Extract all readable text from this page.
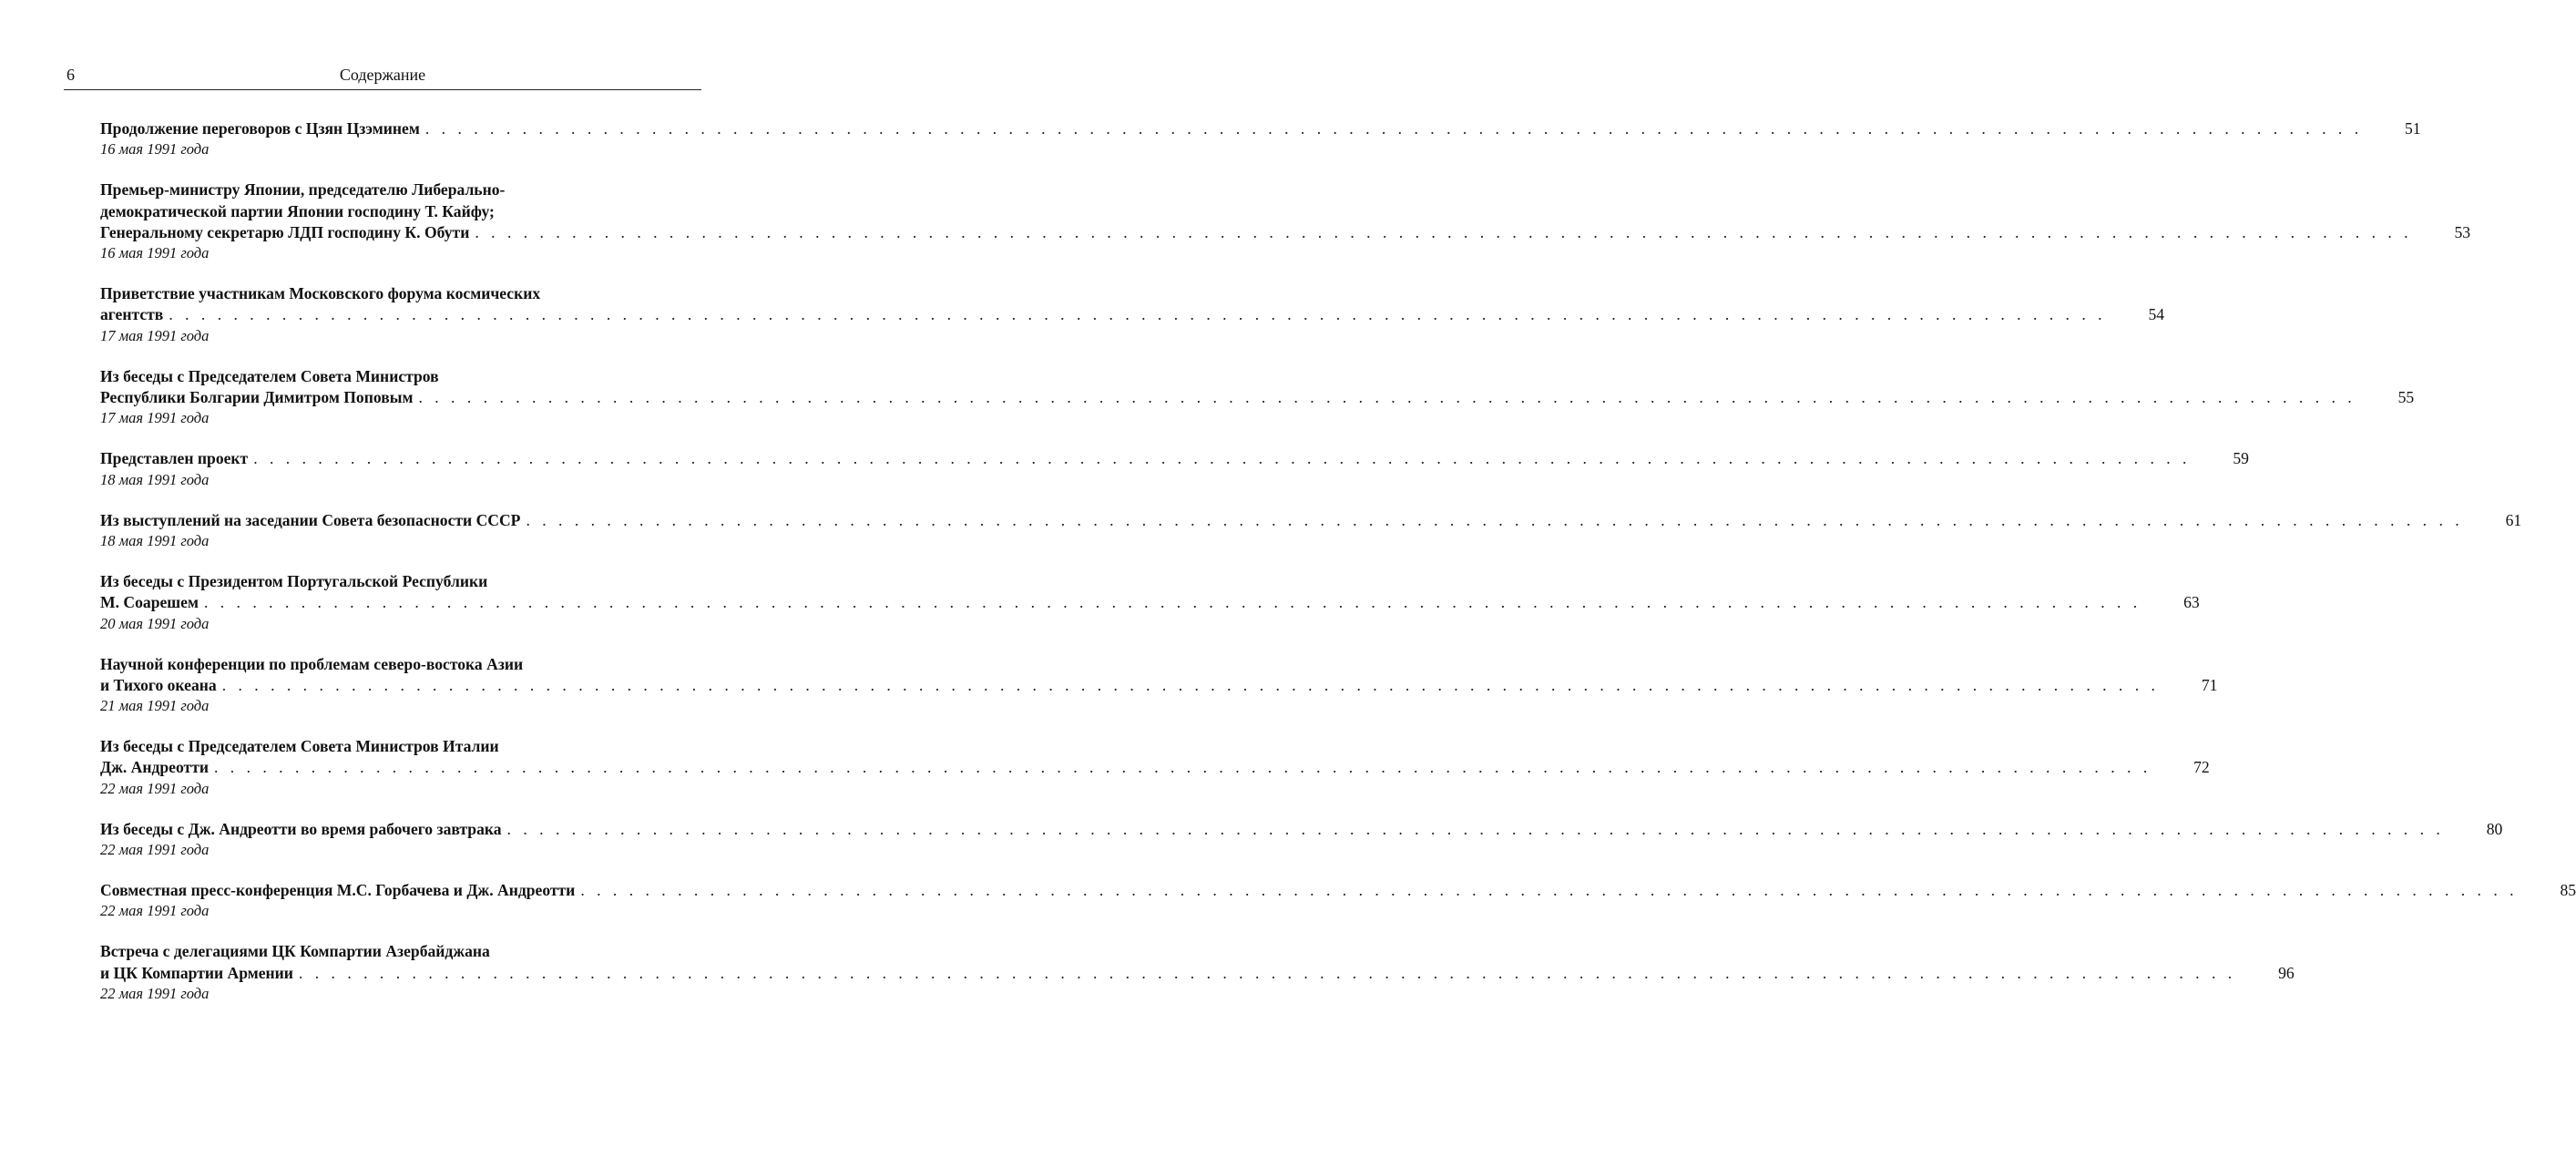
6	Содержание
Продолжение переговоров с Цзян Цзэминем . . . . . . . . . . . . . . . . . . . . . . . . . . . . . . . . . . . . . . . . . . . . . . . . . . . . . . . . . . . . . . . . . . . . . . . . . . . . . . . . . . . . . . . . . . . . . . . . . . . . . . . . . . . . . . . . . . . . . . . .	51
16 мая 1991 года
Премьер-министру Японии, председателю Либерально-
демократической партии Японии господину Т. Кайфу;
Генеральному секретарю ЛДП господину К. Обути . . . . . . . . . . . . . . . . . . . . . . . . . . . . . . . . . . . . . . . . . . . . . . . . . . . . . . . . . . . . . . . . . . . . . . . . . . . . . . . . . . . . . . . . . . . . . . . . . . . . . . . . . . . . . . . . . . . . . . . .	53
16 мая 1991 года
Приветствие участникам Московского форума космических
агентств . . . . . . . . . . . . . . . . . . . . . . . . . . . . . . . . . . . . . . . . . . . . . . . . . . . . . . . . . . . . . . . . . . . . . . . . . . . . . . . . . . . . . . . . . . . . . . . . . . . . . . . . . . . . . . . . . . . . . . . .	54
17 мая 1991 года
Из беседы с Председателем Совета Министров
Республики Болгарии Димитром Поповым . . . . . . . . . . . . . . . . . . . . . . . . . . . . . . . . . . . . . . . . . . . . . . . . . . . . . . . . . . . . . . . . . . . . . . . . . . . . . . . . . . . . . . . . . . . . . . . . . . . . . . . . . . . . . . . . . . . . . . . .	55
17 мая 1991 года
Представлен проект . . . . . . . . . . . . . . . . . . . . . . . . . . . . . . . . . . . . . . . . . . . . . . . . . . . . . . . . . . . . . . . . . . . . . . . . . . . . . . . . . . . . . . . . . . . . . . . . . . . . . . . . . . . . . . . . . . . . . . . .	59
18 мая 1991 года
Из выступлений на заседании Совета безопасности СССР . . . . . . . . . . . . . . . . . . . . . . . . . . . . . . . . . . . . . . . . . . . . . . . . . . . . . . . . . . . . . . . . . . . . . . . . . . . . . . . . . . . . . . . . . . . . . . . . . . . . . . . . . . . . . . . . . . . . . . . .	61
18 мая 1991 года
Из беседы с Президентом Португальской Республики
М. Соарешем . . . . . . . . . . . . . . . . . . . . . . . . . . . . . . . . . . . . . . . . . . . . . . . . . . . . . . . . . . . . . . . . . . . . . . . . . . . . . . . . . . . . . . . . . . . . . . . . . . . . . . . . . . . . . . . . . . . . . . . .	63
20 мая 1991 года
Научной конференции по проблемам северо-востока Азии
и Тихого океана . . . . . . . . . . . . . . . . . . . . . . . . . . . . . . . . . . . . . . . . . . . . . . . . . . . . . . . . . . . . . . . . . . . . . . . . . . . . . . . . . . . . . . . . . . . . . . . . . . . . . . . . . . . . . . . . . . . . . . . .	71
21 мая 1991 года
Из беседы с Председателем Совета Министров Италии
Дж. Андреотти . . . . . . . . . . . . . . . . . . . . . . . . . . . . . . . . . . . . . . . . . . . . . . . . . . . . . . . . . . . . . . . . . . . . . . . . . . . . . . . . . . . . . . . . . . . . . . . . . . . . . . . . . . . . . . . . . . . . . . . .	72
22 мая 1991 года
Из беседы с Дж. Андреотти во время рабочего завтрака . . . . . . . . . . . . . . . . . . . . . . . . . . . . . . . . . . . . . . . . . . . . . . . . . . . . . . . . . . . . . . . . . . . . . . . . . . . . . . . . . . . . . . . . . . . . . . . . . . . . . . . . . . . . . . . . . . . . . . . .	80
22 мая 1991 года
Совместная пресс-конференция М.С. Горбачева и Дж. Андреотти . . . . . . . . . . . . . . . . . . . . . . . . . . . . . . . . . . . . . . . . . . . . . . . . . . . . . . . . . . . . . . . . . . . . . . . . . . . . . . . . . . . . . . . . . . . . . . . . . . . . . . . . . . . . . . . . . . . . . . . .	85
22 мая 1991 года
Встреча с делегациями ЦК Компартии Азербайджана
и ЦК Компартии Армении . . . . . . . . . . . . . . . . . . . . . . . . . . . . . . . . . . . . . . . . . . . . . . . . . . . . . . . . . . . . . . . . . . . . . . . . . . . . . . . . . . . . . . . . . . . . . . . . . . . . . . . . . . . . . . . . . . . . . . . .	96
22 мая 1991 года
